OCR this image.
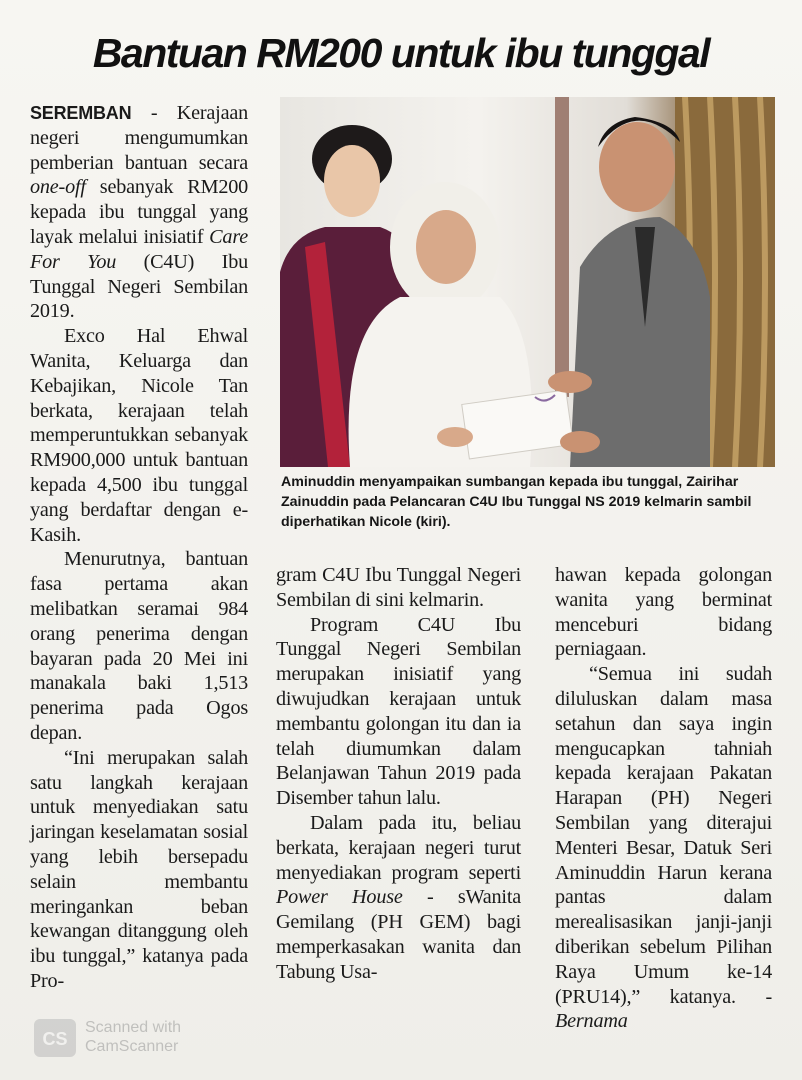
Bantuan RM200 untuk ibu tunggal

SEREMBAN - Kerajaan negeri mengumumkan pemberian bantuan secara one-off sebanyak RM200 kepada ibu tunggal yang layak melalui inisiatif Care For You (C4U) Ibu Tunggal Negeri Sembilan 2019.

Exco Hal Ehwal Wanita, Keluarga dan Kebajikan, Nicole Tan berkata, kerajaan telah memperuntukkan sebanyak RM900,000 untuk bantuan kepada 4,500 ibu tunggal yang berdaftar dengan e-Kasih.

Menurutnya, bantuan fasa pertama akan melibatkan seramai 984 orang penerima dengan bayaran pada 20 Mei ini manakala baki 1,513 penerima pada Ogos depan.

“Ini merupakan salah satu langkah kerajaan untuk menyediakan satu jaringan keselamatan sosial yang lebih bersepadu selain membantu meringankan beban kewangan ditanggung oleh ibu tunggal,” katanya pada Pro-

Aminuddin menyampaikan sumbangan kepada ibu tunggal, Zairihar Zainuddin pada Pelancaran C4U Ibu Tunggal NS 2019 kelmarin sambil diperhatikan Nicole (kiri).

gram C4U Ibu Tunggal Negeri Sembilan di sini kelmarin.

Program C4U Ibu Tunggal Negeri Sembilan merupakan inisiatif yang diwujudkan kerajaan untuk membantu golongan itu dan ia telah diumumkan dalam Belanjawan Tahun 2019 pada Disember tahun lalu.

Dalam pada itu, beliau berkata, kerajaan negeri turut menyediakan program seperti Power House - sWanita Gemilang (PH GEM) bagi memperkasakan wanita dan Tabung Usa-

hawan kepada golongan wanita yang berminat menceburi bidang perniagaan.

“Semua ini sudah diluluskan dalam masa setahun dan saya ingin mengucapkan tahniah kepada kerajaan Pakatan Harapan (PH) Negeri Sembilan yang diterajui Menteri Besar, Datuk Seri Aminuddin Harun kerana pantas dalam merealisasikan janji-janji diberikan sebelum Pilihan Raya Umum ke-14 (PRU14),” katanya. - Bernama

CS
Scanned with
CamScanner
